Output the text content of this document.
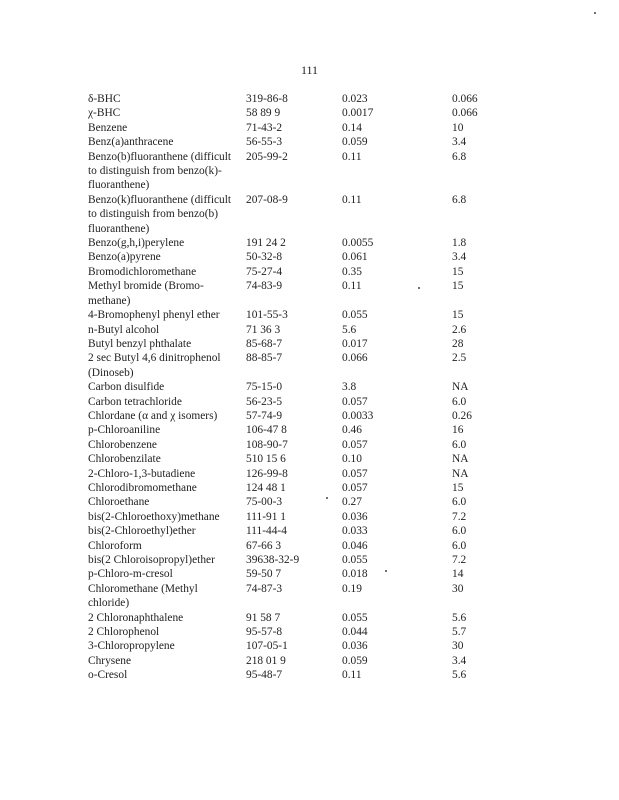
111
δ-BHC	319-86-8	0.023	0.066

χ-BHC	58 89 9	0.0017	0.066

Benzene	71-43-2	0.14	10

Benz(a)anthracene	56-55-3	0.059	3.4

Benzo(b)fluoranthene (difficult
to distinguish from benzo(k)-
fluoranthene)	205-99-2	0.11	6.8

Benzo(k)fluoranthene (difficult
to distinguish from benzo(b)
fluoranthene)	207-08-9	0.11	6.8

Benzo(g,h,i)perylene	191 24 2	0.0055	1.8

Benzo(a)pyrene	50-32-8	0.061	3.4

Bromodichloromethane	75-27-4	0.35	15

Methyl bromide (Bromo-
methane)	74-83-9	0.11	15

4-Bromophenyl phenyl ether	101-55-3	0.055	15

n-Butyl alcohol	71 36 3	5.6	2.6

Butyl benzyl phthalate	85-68-7	0.017	28

2 sec Butyl 4,6 dinitrophenol
(Dinoseb)	88-85-7	0.066	2.5

Carbon disulfide	75-15-0	3.8	NA

Carbon tetrachloride	56-23-5	0.057	6.0

Chlordane (α and χ isomers)	57-74-9	0.0033	0.26

p-Chloroaniline	106-47 8	0.46	16

Chlorobenzene	108-90-7	0.057	6.0

Chlorobenzilate	510 15 6	0.10	NA

2-Chloro-1,3-butadiene	126-99-8	0.057	NA

Chlorodibromomethane	124 48 1	0.057	15

Chloroethane	75-00-3	0.27	6.0

bis(2-Chloroethoxy)methane	111-91 1	0.036	7.2

bis(2-Chloroethyl)ether	111-44-4	0.033	6.0

Chloroform	67-66 3	0.046	6.0

bis(2 Chloroisopropyl)ether	39638-32-9	0.055	7.2

p-Chloro-m-cresol	59-50 7	0.018	14

Chloromethane (Methyl
chloride)	74-87-3	0.19	30

2 Chloronaphthalene	91 58 7	0.055	5.6

2 Chlorophenol	95-57-8	0.044	5.7

3-Chloropropylene	107-05-1	0.036	30

Chrysene	218 01 9	0.059	3.4

o-Cresol	95-48-7	0.11	5.6
